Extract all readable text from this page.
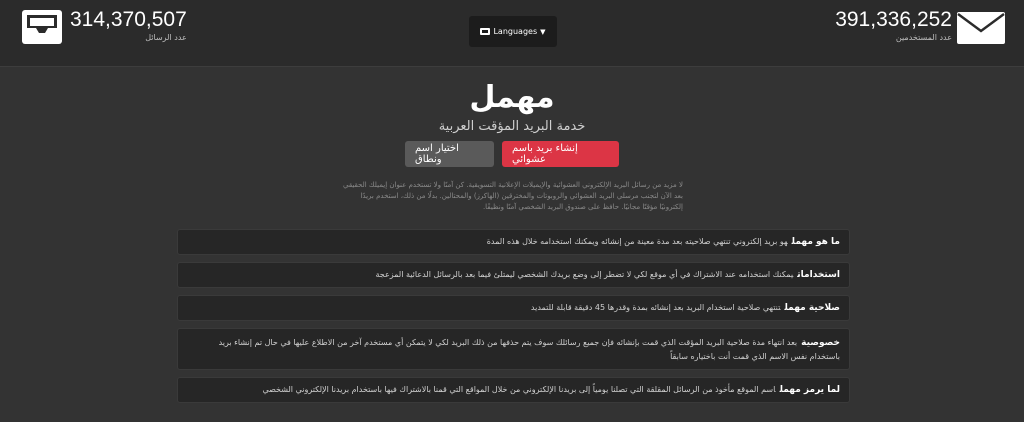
314,370,507
عدد الرسائل
Languages ▼
391,336,252
عدد المستخدمين
مهمل
خدمة البريد المؤقت العربية
اختيار اسم ونطاق
إنشاء بريد باسم عشوائي
لا مزيد من رسائل البريد الإلكتروني العشوائية والإيميلات الإعلانية التسويقية. كن آمنًا ولا تستخدم عنوان إيميلك الحقيقي بعد الآن لتجنب مرسلي البريد العشوائي والروبوتات والمخترقين (الهاكرز) والمحتالين. بدلًا من ذلك، استخدم بريدًا إلكترونيًا مؤقتًا مجانيًا. حافظ على صندوق البريد الشخصي آمنًا ونظيفًا.

ما هو مهملهو بريد إلكتروني تنتهي صلاحيته بعد مدة معينة من إنشائه ويمكنك استخدامه خلال هذه المدة

استخداماتيمكنك استخدامه عند الاشتراك في أي موقع لكي لا تضطر إلى وضع بريدك الشخصي ليمتلئ فيما بعد بالرسائل الدعائية المزعجة

صلاحية مهملتنتهي صلاحية استخدام البريد بعد إنشائه بمدة وقدرها 45 دقيقة قابلة للتمديد

خصوصيةبعد انتهاء مدة صلاحية البريد المؤقت الذي قمت بإنشائه فإن جميع رسائلك سوف يتم حذفها من ذلك البريد لكي لا يتمكن أي مستخدم آخر من الاطلاع عليها في حال تم إنشاء بريد باستخدام نفس الاسم الذي قمت أنت باختياره سابقاً

لما يرمز مهملاسم الموقع مأخوذ من الرسائل المقلقة التي تصلنا يومياً إلى بريدنا الإلكتروني من خلال المواقع التي قمنا بالاشتراك فيها باستخدام بريدنا الإلكتروني الشخصي
